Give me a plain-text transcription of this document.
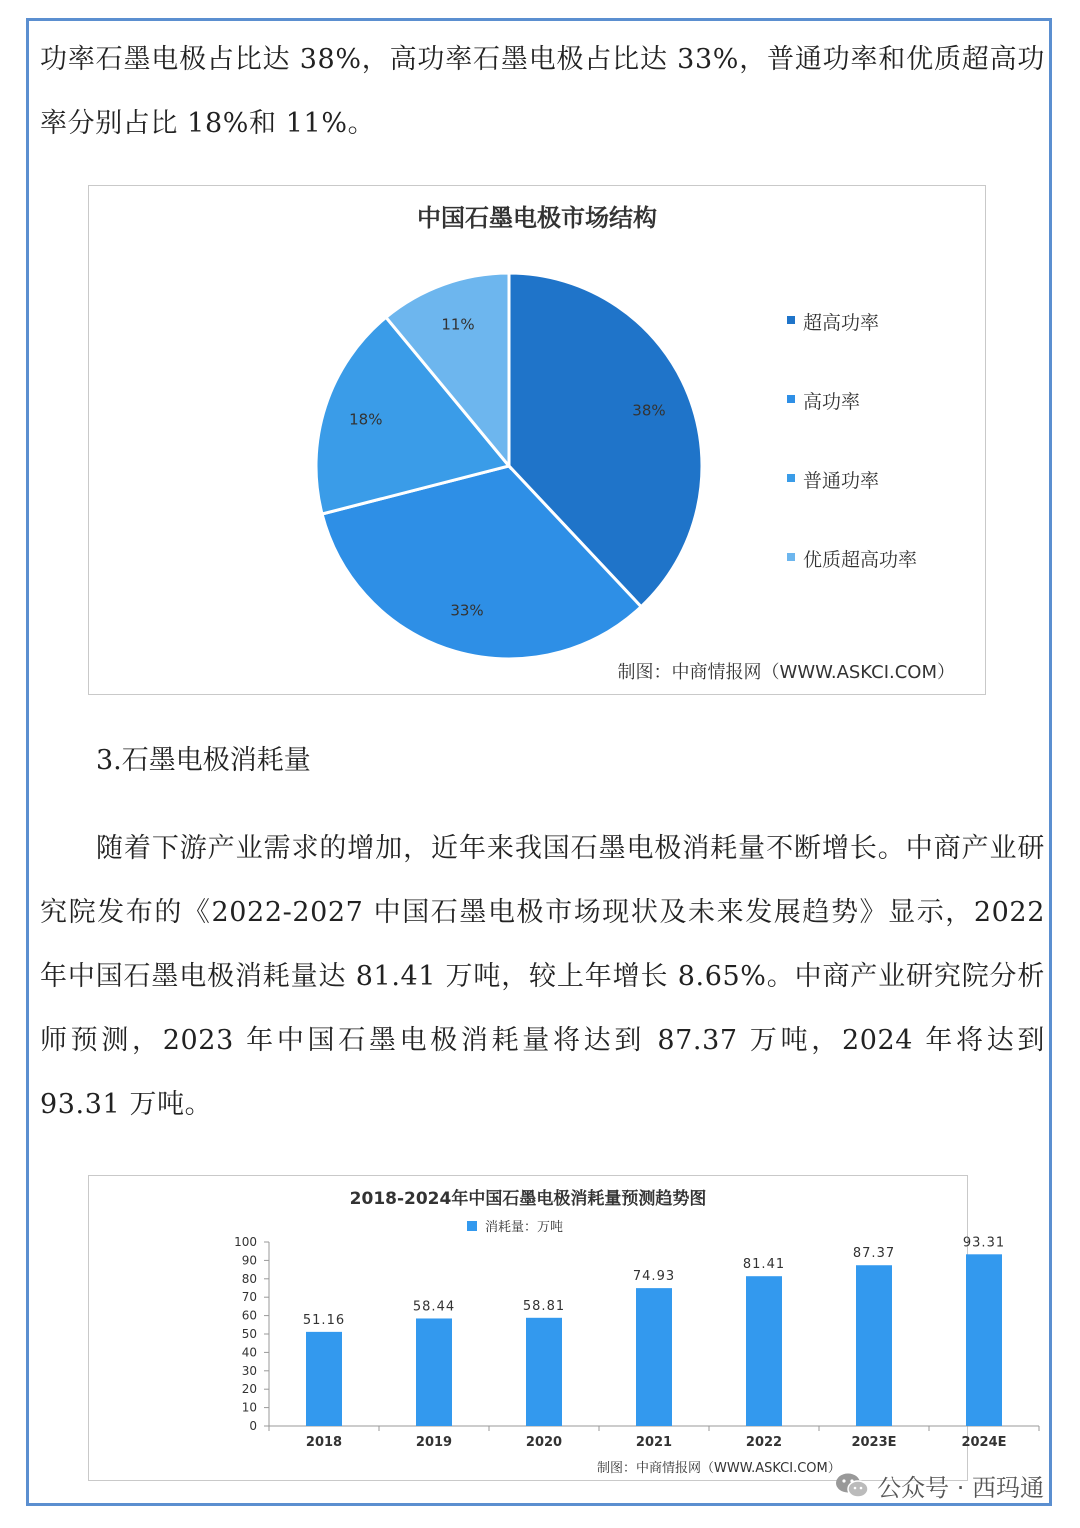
功率石墨电极占比达 38%，高功率石墨电极占比达 33%，普通功率和优质超高功率分别占比 18%和 11%。

中国石墨电极市场结构
38%
33%
18%
11%	超高功率
高功率
普通功率
优质超高功率
制图：中商情报网（WWW.ASKCI.COM）
3.石墨电极消耗量

随着下游产业需求的增加，近年来我国石墨电极消耗量不断增长。中商产业研究院发布的《2022-2027 中国石墨电极市场现状及未来发展趋势》显示，2022 年中国石墨电极消耗量达 81.41 万吨，较上年增长 8.65%。中商产业研究院分析师预测，2023 年中国石墨电极消耗量将达到 87.37 万吨，2024 年将达到 93.31 万吨。

2018-2024年中国石墨电极消耗量预测趋势图
消耗量：万吨
0
10
20
30
40
50
60
70
80
90
100
51.16
2018
58.44
2019
58.81
2020
74.93
2021
81.41
2022
87.37
2023E
93.31
2024E
制图：中商情报网（WWW.ASKCI.COM）
公众号 · 西玛通
